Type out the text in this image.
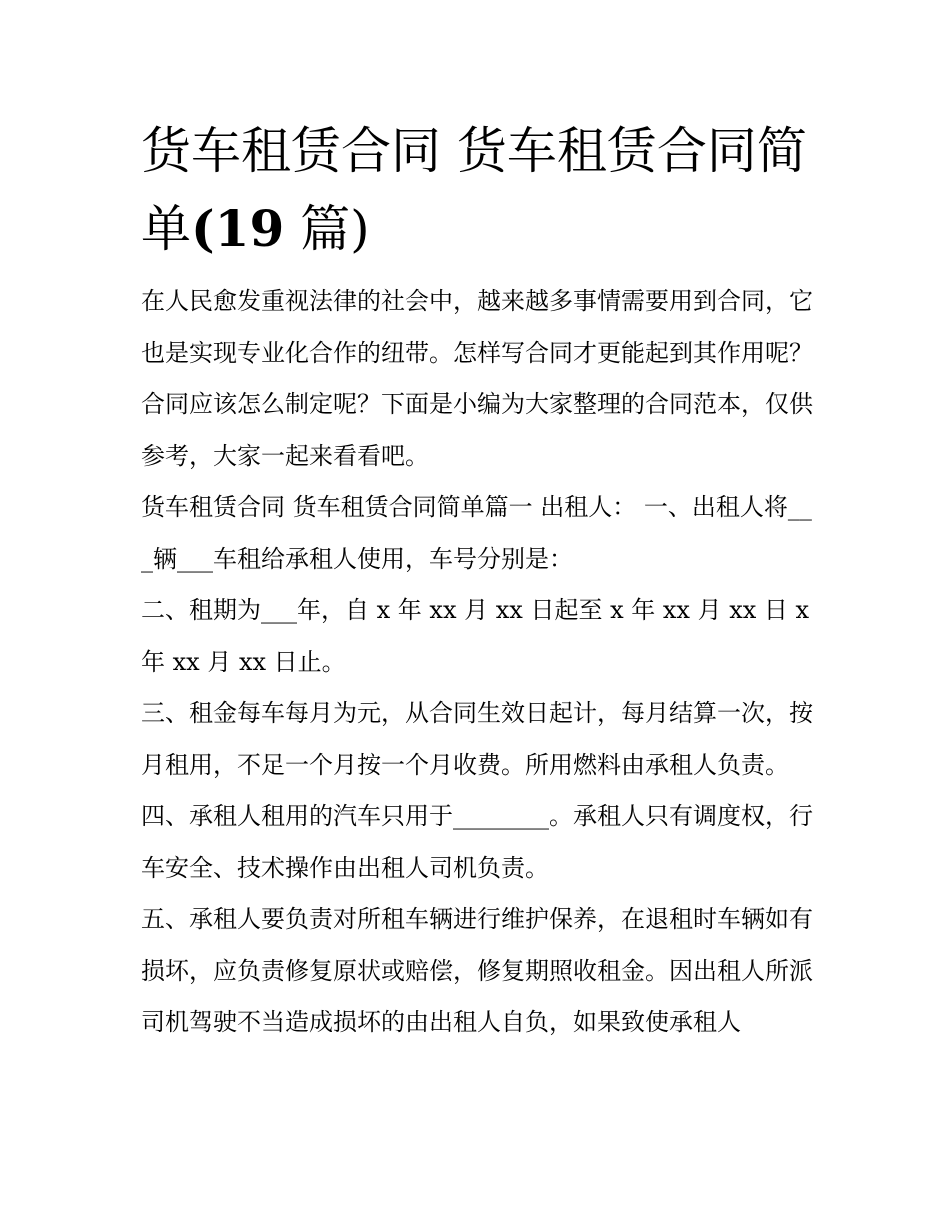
货车租赁合同 货车租赁合同简单(19 篇)

在人民愈发重视法律的社会中，越来越多事情需要用到合同，它也是实现专业化合作的纽带。怎样写合同才更能起到其作用呢？合同应该怎么制定呢？下面是小编为大家整理的合同范本，仅供参考，大家一起来看看吧。

货车租赁合同 货车租赁合同简单篇一 出租人： 一、出租人将___辆___车租给承租人使用，车号分别是：

二、租期为___年，自 x 年 xx 月 xx 日起至 x 年 xx 月 xx 日 x 年 xx 月 xx 日止。

三、租金每车每月为元，从合同生效日起计，每月结算一次，按月租用，不足一个月按一个月收费。所用燃料由承租人负责。

四、承租人租用的汽车只用于________。承租人只有调度权，行车安全、技术操作由出租人司机负责。

五、承租人要负责对所租车辆进行维护保养，在退租时车辆如有损坏，应负责修复原状或赔偿，修复期照收租金。因出租人所派司机驾驶不当造成损坏的由出租人自负，如果致使承租人
